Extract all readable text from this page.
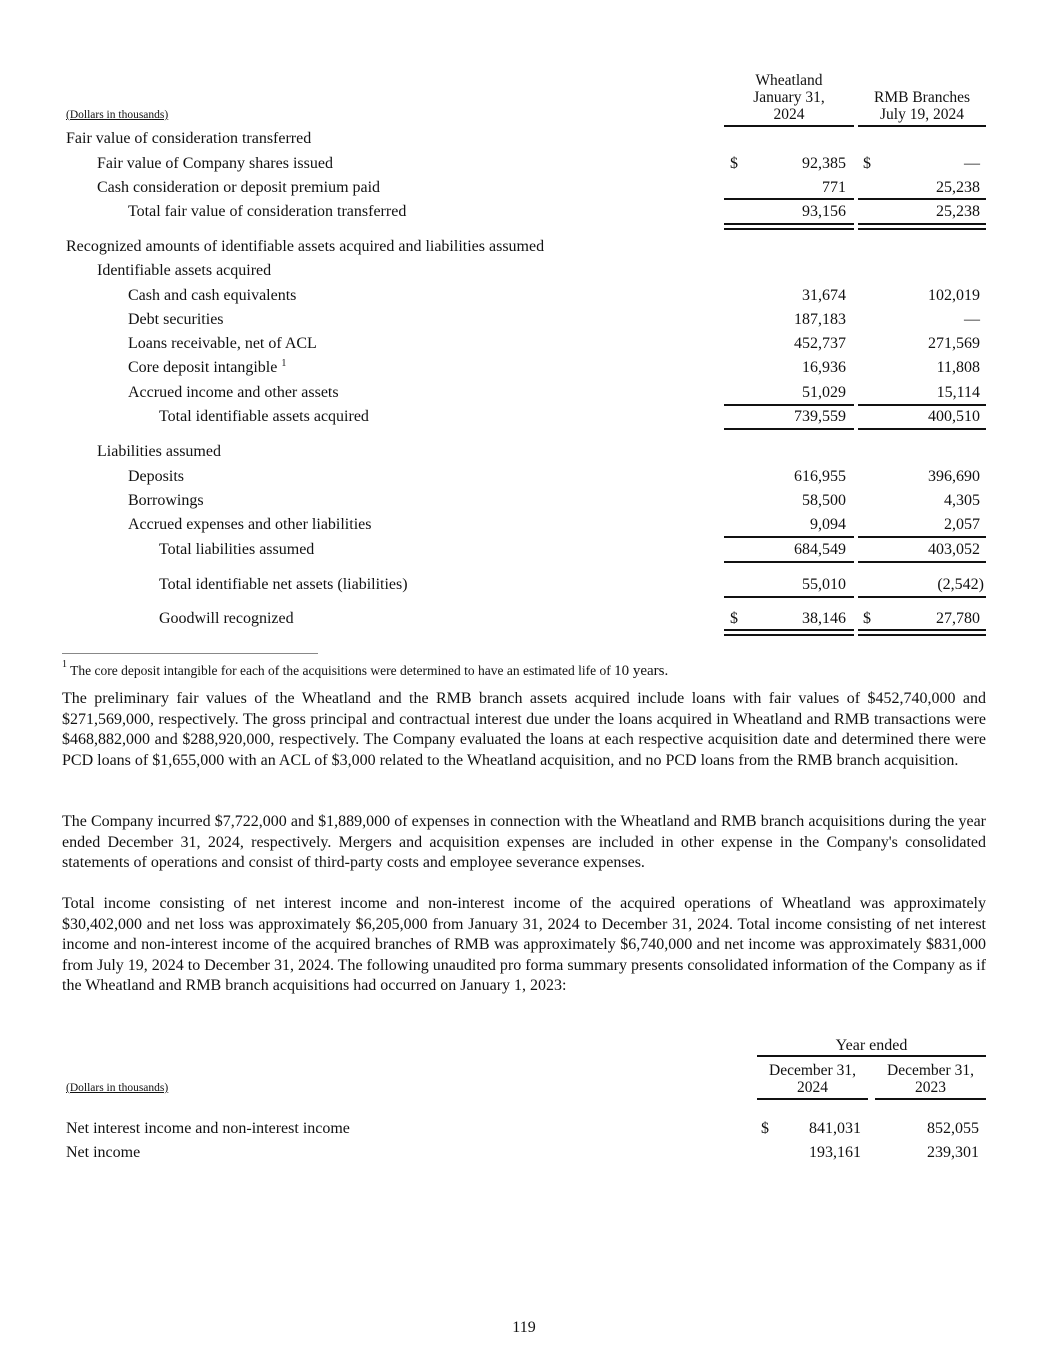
Wheatland
January 31,
2024
RMB Branches
July 19, 2024
(Dollars in thousands)
Fair value of consideration transferred
Fair value of Company shares issued	$	92,385 $	—
Cash consideration or deposit premium paid	771	25,238
Total fair value of consideration transferred	93,156	25,238
Recognized amounts of identifiable assets acquired and liabilities assumed
Identifiable assets acquired
Cash and cash equivalents	31,674	102,019
Debt securities	187,183	—
Loans receivable, net of ACL	452,737	271,569
Core deposit intangible $^1$	16,936	11,808
Accrued income and other assets	51,029	15,114
Total identifiable assets acquired	739,559	400,510
Liabilities assumed
Deposits	616,955	396,690
Borrowings	58,500	4,305
Accrued expenses and other liabilities	9,094	2,057
Total liabilities assumed	684,549	403,052
Total identifiable net assets (liabilities)	55,010	(2,542)
Goodwill recognized	$	38,146 $	27,780
$^1$ The core deposit intangible for each of the acquisitions were determined to have an estimated life of 10 years.

The preliminary fair values of the Wheatland and the RMB branch assets acquired include loans with fair values of $452,740,000 and $271,569,000, respectively. The gross principal and contractual interest due under the loans acquired in Wheatland and RMB transactions were $468,882,000 and $288,920,000, respectively. The Company evaluated the loans at each respective acquisition date and determined there were PCD loans of $1,655,000 with an ACL of $3,000 related to the Wheatland acquisition, and no PCD loans from the RMB branch acquisition.

The Company incurred $7,722,000 and $1,889,000 of expenses in connection with the Wheatland and RMB branch acquisitions during the year ended December 31, 2024, respectively. Mergers and acquisition expenses are included in other expense in the Company's consolidated statements of operations and consist of third-party costs and employee severance expenses.

Total income consisting of net interest income and non-interest income of the acquired operations of Wheatland was approximately $30,402,000 and net loss was approximately $6,205,000 from January 31, 2024 to December 31, 2024. Total income consisting of net interest income and non-interest income of the acquired branches of RMB was approximately $6,740,000 and net income was approximately $831,000 from July 19, 2024 to December 31, 2024. The following unaudited pro forma summary presents consolidated information of the Company as if the Wheatland and RMB branch acquisitions had occurred on January 1, 2023:

Year ended
December 31,
2024
December 31,
2023
(Dollars in thousands)
Net interest income and non-interest income	$	841,031	852,055
Net income	193,161	239,301
119
